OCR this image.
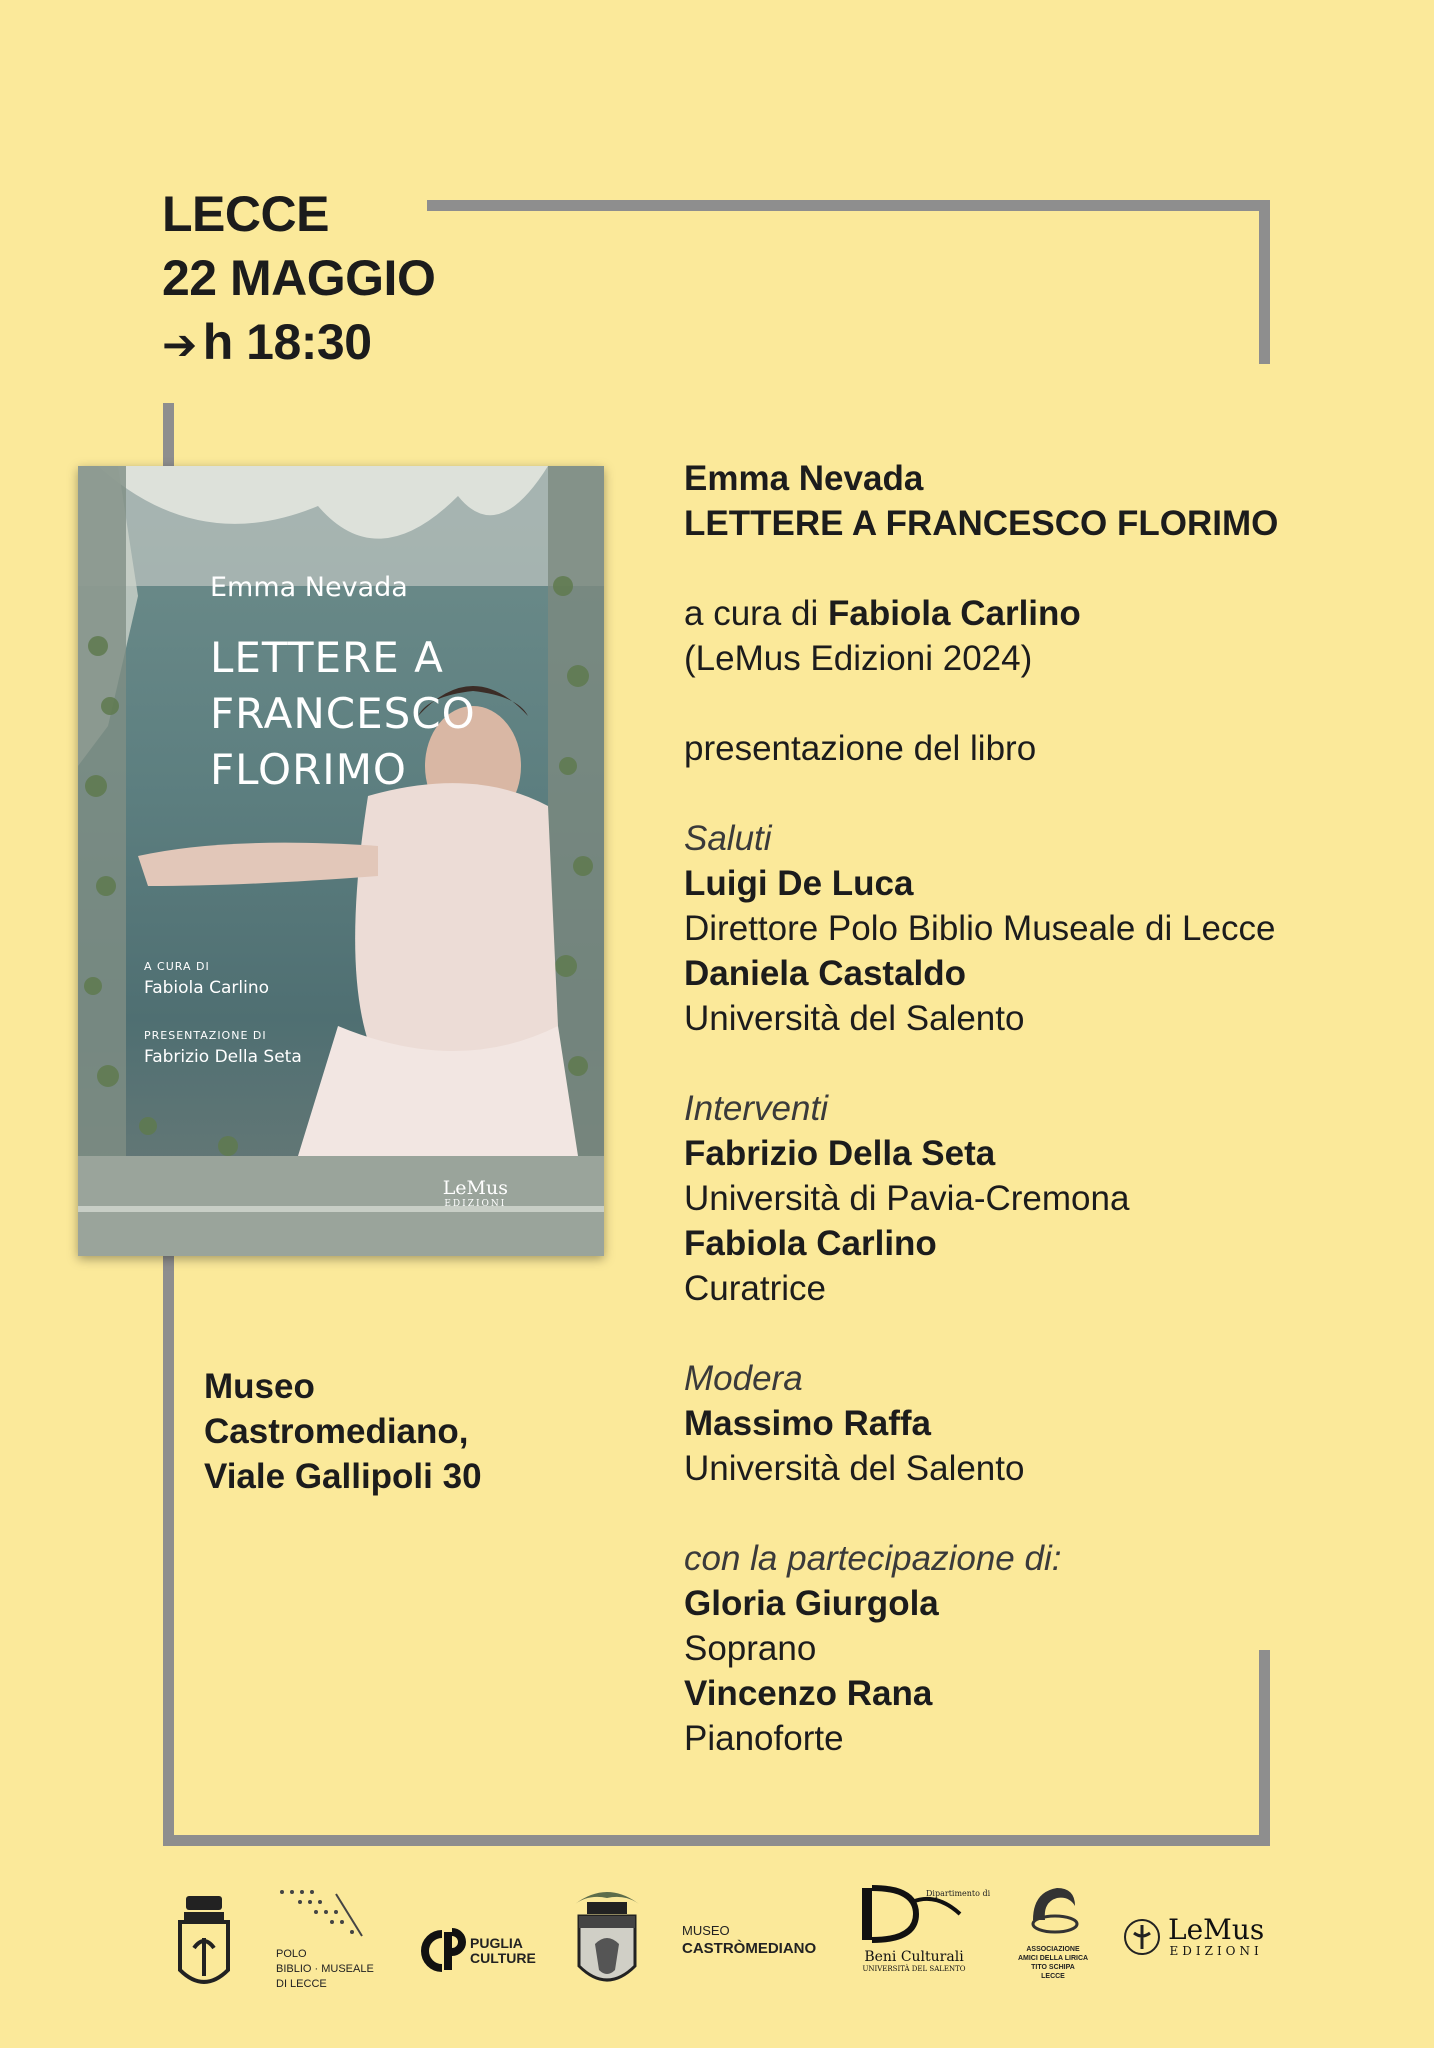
LECCE
22 MAGGIO
➔ h 18:30
Emma Nevada
LETTERE A
FRANCESCO
FLORIMO
A CURA DI
Fabiola Carlino
PRESENTAZIONE DI
Fabrizio Della Seta
LeMus
EDIZIONI
Museo
Castromediano,
Viale Gallipoli 30
Emma Nevada
LETTERE A FRANCESCO FLORIMO
a cura di Fabiola Carlino
(LeMus Edizioni 2024)
presentazione del libro
Saluti
Luigi De Luca
Direttore Polo Biblio Museale di Lecce
Daniela Castaldo
Università del Salento
Interventi
Fabrizio Della Seta
Università di Pavia-Cremona
Fabiola Carlino
Curatrice
Modera
Massimo Raffa
Università del Salento
con la partecipazione di:
Gloria Giurgola
Soprano
Vincenzo Rana
Pianoforte
POLO
BIBLIO · MUSEALE
DI LECCE
PUGLIA
CULTURE
MUSEO
CASTRÒMEDIANO
Dipartimento di
Beni Culturali
UNIVERSITÀ DEL SALENTO
ASSOCIAZIONE
AMICI DELLA LIRICA
TITO SCHIPA
LECCE
LeMus
EDIZIONI
